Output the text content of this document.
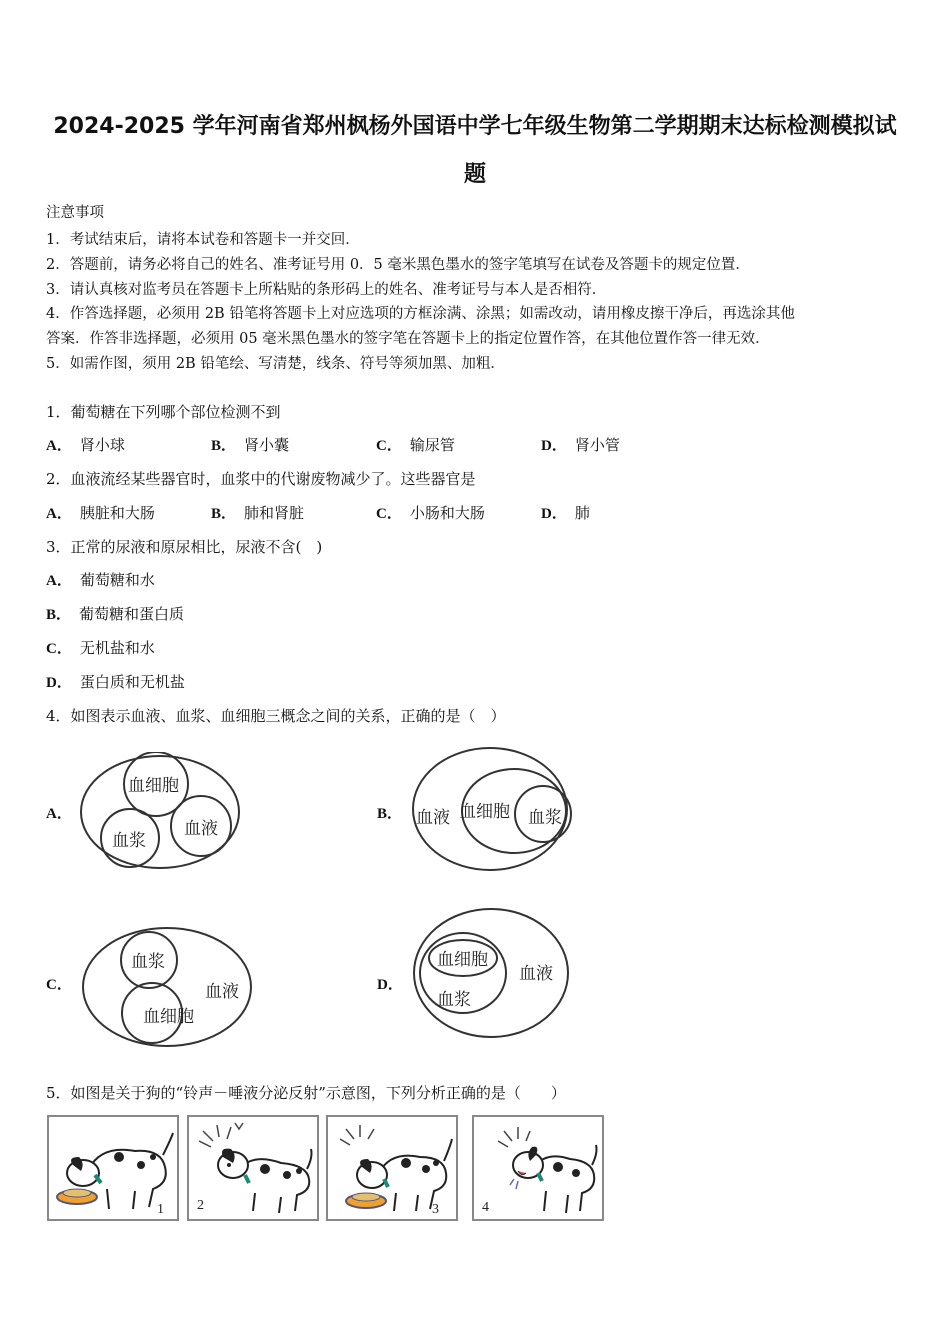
2024-2025 学年河南省郑州枫杨外国语中学七年级生物第二学期期末达标检测模拟试
题
注意事项
1．考试结束后，请将本试卷和答题卡一并交回．
2．答题前，请务必将自己的姓名、准考证号用 0．5 毫米黑色墨水的签字笔填写在试卷及答题卡的规定位置．
3．请认真核对监考员在答题卡上所粘贴的条形码上的姓名、准考证号与本人是否相符．
4．作答选择题，必须用 2B 铅笔将答题卡上对应选项的方框涂满、涂黑；如需改动，请用橡皮擦干净后，再选涂其他
答案．作答非选择题，必须用 05 毫米黑色墨水的签字笔在答题卡上的指定位置作答，在其他位置作答一律无效．
5．如需作图，须用 2B 铅笔绘、写清楚，线条、符号等须加黑、加粗．
1．葡萄糖在下列哪个部位检测不到
A． 肾小球	B． 肾小囊	C． 输尿管	D． 肾小管
2．血液流经某些器官时，血浆中的代谢废物减少了。这些器官是
A． 胰脏和大肠	B． 肺和肾脏	C． 小肠和大肠	D． 肺
3．正常的尿液和原尿相比，尿液不含(　)
A． 葡萄糖和水
B． 葡萄糖和蛋白质
C． 无机盐和水
D． 蛋白质和无机盐
4．如图表示血液、血浆、血细胞三概念之间的关系，正确的是（　）
A．
血细胞
血浆
血液
B． 血液 血细胞 血浆
C．
血浆
血液
血细胞
D．
血细胞
血液
血浆
5．如图是关于狗的“铃声－唾液分泌反射”示意图，下列分析正确的是（　　）
1 2	3	4
